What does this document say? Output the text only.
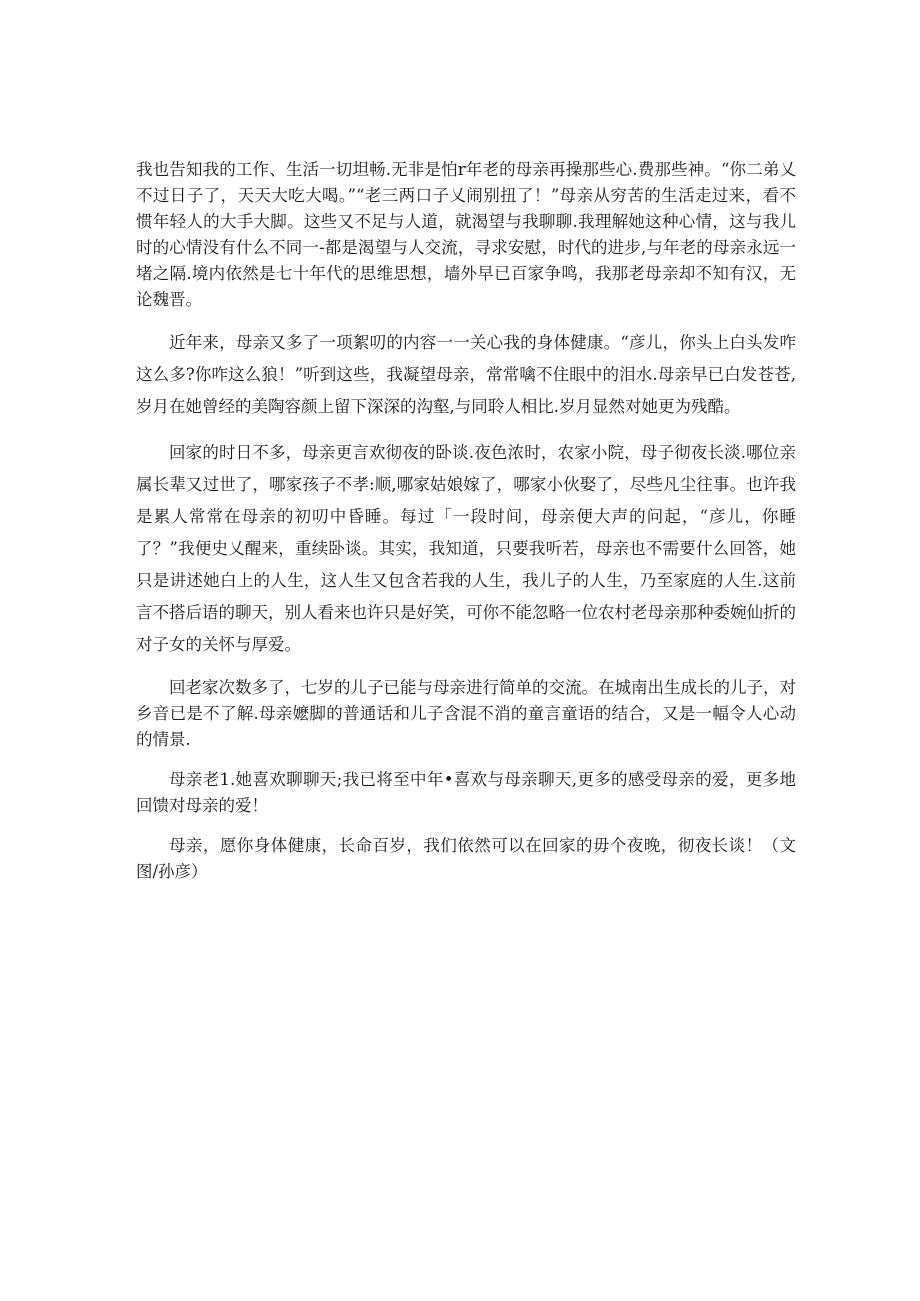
我也告知我的工作、生活一切坦畅.无非是怕r年老的母亲再操那些心.费那些神。“你二弟乂不过日子了，天天大吃大喝。”“老三两口子乂闹别扭了！”母亲从穷苦的生活走过来，看不惯年轻人的大手大脚。这些又不足与人道，就渴望与我聊聊.我理解她这种心情，这与我儿时的心情没有什么不同一-都是渴望与人交流，寻求安慰，时代的进步,与年老的母亲永远一堵之隔.境内依然是七十年代的思维思想，墙外早已百家争鸣，我那老母亲却不知有汉，无论魏晋。

近年来，母亲又多了一项絮叨的内容一一关心我的身体健康。“彦儿，你头上白头发咋这么多?你咋这么狼！”听到这些，我凝望母亲，常常噙不住眼中的泪水.母亲早已白发苍苍,岁月在她曾经的美陶容颜上留下深深的沟壑,与同聆人相比.岁月显然对她更为残酷。

回家的时日不多，母亲更言欢彻夜的卧谈.夜色浓时，农家小院，母子彻夜长淡.哪位亲属长辈又过世了，哪家孩子不孝:顺,哪家姑娘嫁了，哪家小伙娶了，尽些凡尘往事。也许我是累人常常在母亲的初叨中昏睡。每过「一段时间，母亲便大声的问起，“彦儿，你睡了？”我便史乂醒来，重续卧谈。其实，我知道，只要我听若，母亲也不需要什么回答，她只是讲述她白上的人生，这人生又包含若我的人生，我儿子的人生，乃至家庭的人生.这前言不搭后语的聊天，别人看来也许只是好笑，可你不能忽略一位农村老母亲那种委婉仙折的对子女的关怀与厚爱。

回老家次数多了，七岁的儿子已能与母亲进行简单的交流。在城南出生成长的儿子，对乡音已是不了解.母亲嬷脚的普通话和儿子含混不消的童言童语的结合，又是一幅令人心动的情景.

母亲老1.她喜欢聊聊天;我已将至中年•喜欢与母亲聊天,更多的感受母亲的爱，更多地回馈对母亲的爱！

母亲，愿你身体健康，长命百岁，我们依然可以在回家的毋个夜晚，彻夜长谈！（文图/孙彦）
